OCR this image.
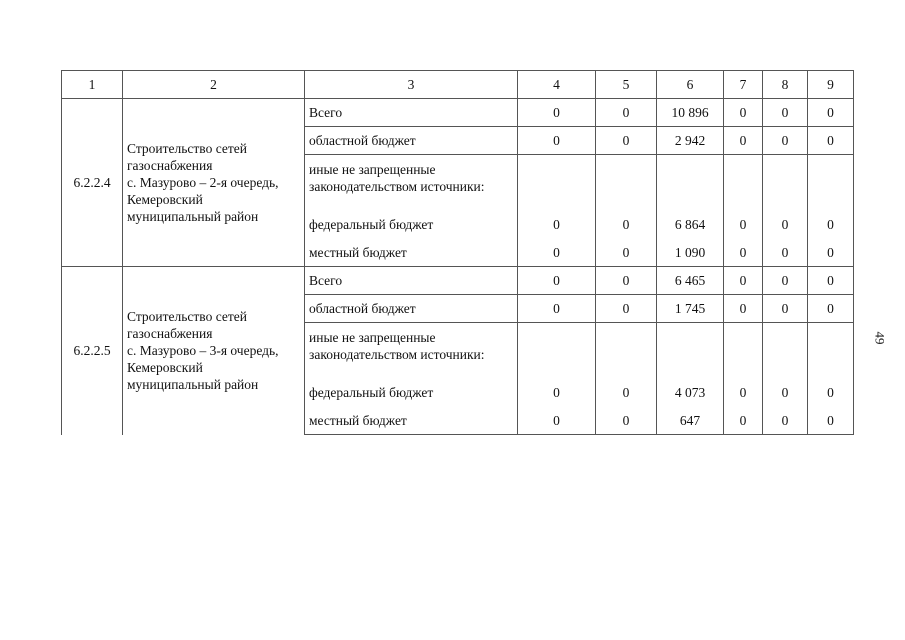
1	2	3	4	5	6	7	8	9
6.2.2.4	Строительство сетей
газоснабжения
с. Мазурово – 2-я очередь,
Кемеровский
муниципальный район	Всего	0	0	10 896	0	0	0
		областной бюджет	0	0	2 942	0	0	0

		иные не запрещенные
законодательством источники:						

		федеральный бюджет	0	0	6 864	0	0	0
		местный бюджет	0	0	1 090	0	0	0
6.2.2.5	Строительство сетей
газоснабжения
с. Мазурово – 3-я очередь,
Кемеровский
муниципальный район	Всего	0	0	6 465	0	0	0
		областной бюджет	0	0	1 745	0	0	0

		иные не запрещенные
законодательством источники:						

		федеральный бюджет	0	0	4 073	0	0	0
		местный бюджет	0	0	647	0	0	0
49
